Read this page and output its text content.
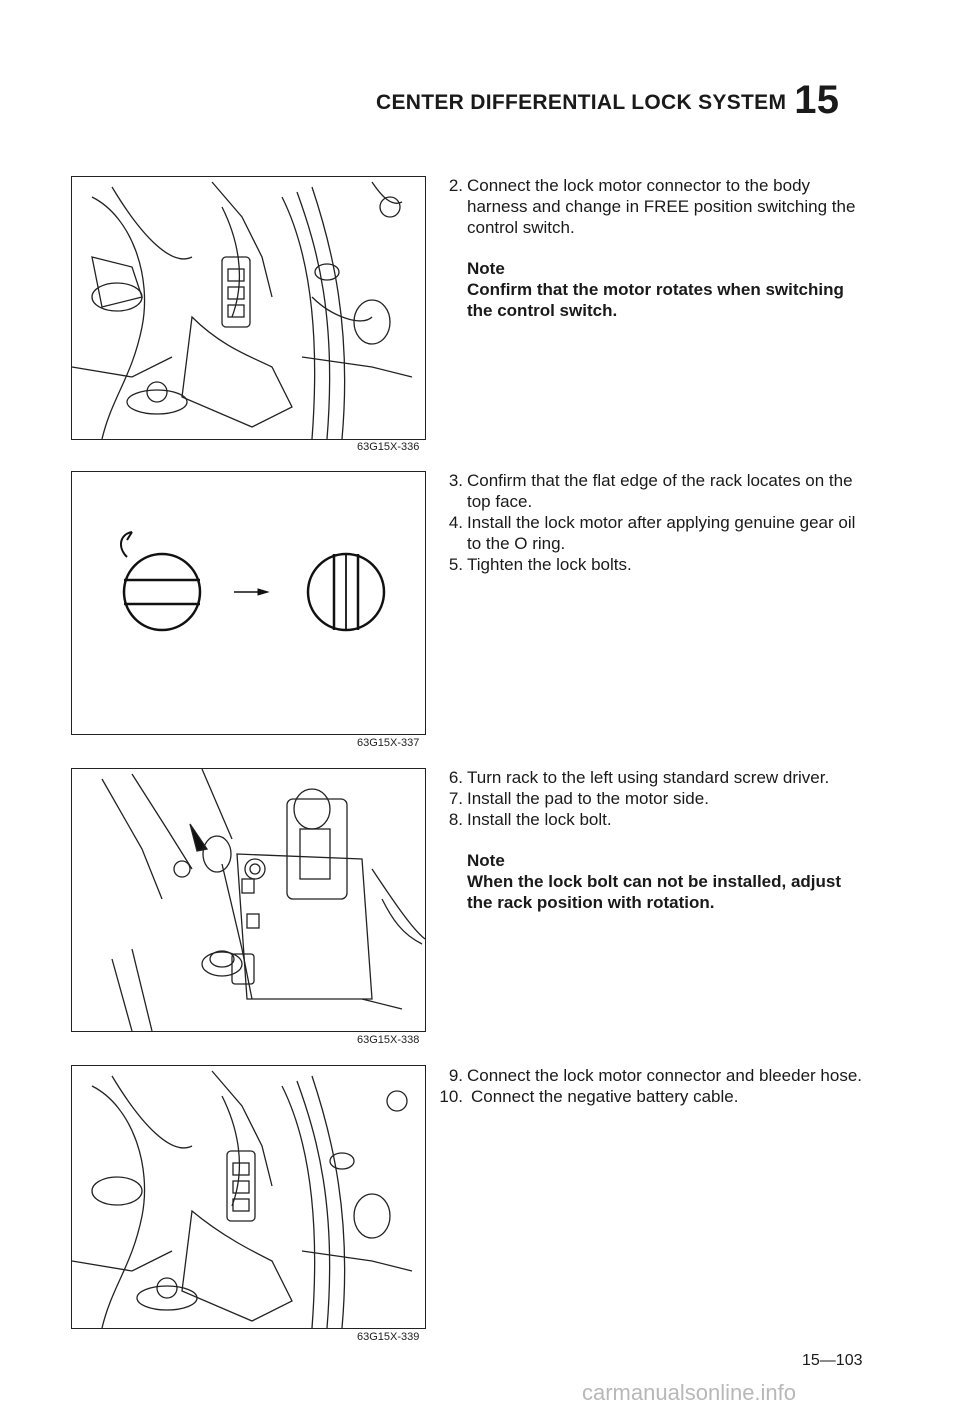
CENTER DIFFERENTIAL LOCK SYSTEM 15
63G15X-336
63G15X-337
63G15X-338
63G15X-339
2. Connect the lock motor connector to the body harness and change in FREE position switching the control switch.
Note
Confirm that the motor rotates when switching the control switch.
3. Confirm that the flat edge of the rack locates on the top face.
4. Install the lock motor after applying genuine gear oil to the O ring.
5. Tighten the lock bolts.
6. Turn rack to the left using standard screw driver.
7. Install the pad to the motor side.
8. Install the lock bolt.
Note
When the lock bolt can not be installed, adjust the rack position with rotation.
9. Connect the lock motor connector and bleeder hose.
10. Connect the negative battery cable.
15—103
carmanualsonline.info
